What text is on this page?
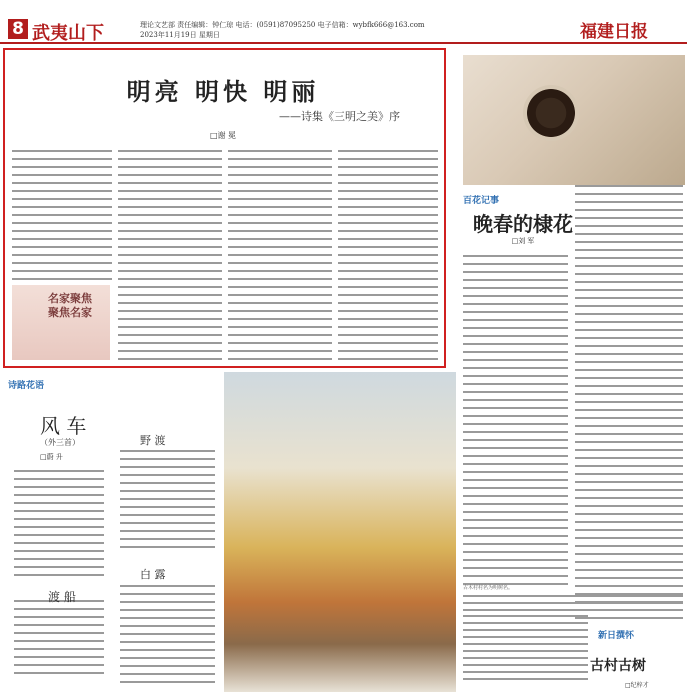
8 武夷山下	理论文艺部 责任编辑：钟仁琼 电话：(0591)87095250 电子信箱：wybfk666@163.com
2023年11月19日 星期日	福建日报
明亮 明快 明丽
——诗集《三明之美》序
□谢 冕
名家聚焦
聚焦名家
百花记事
晚春的棣花
□刘 军
新日撰怀
古村古树
□纪梓才
诗路花语
风 车
（外三首）
□蔚 升
渡 船
野 渡
白 露
古木村村名为明树名。
